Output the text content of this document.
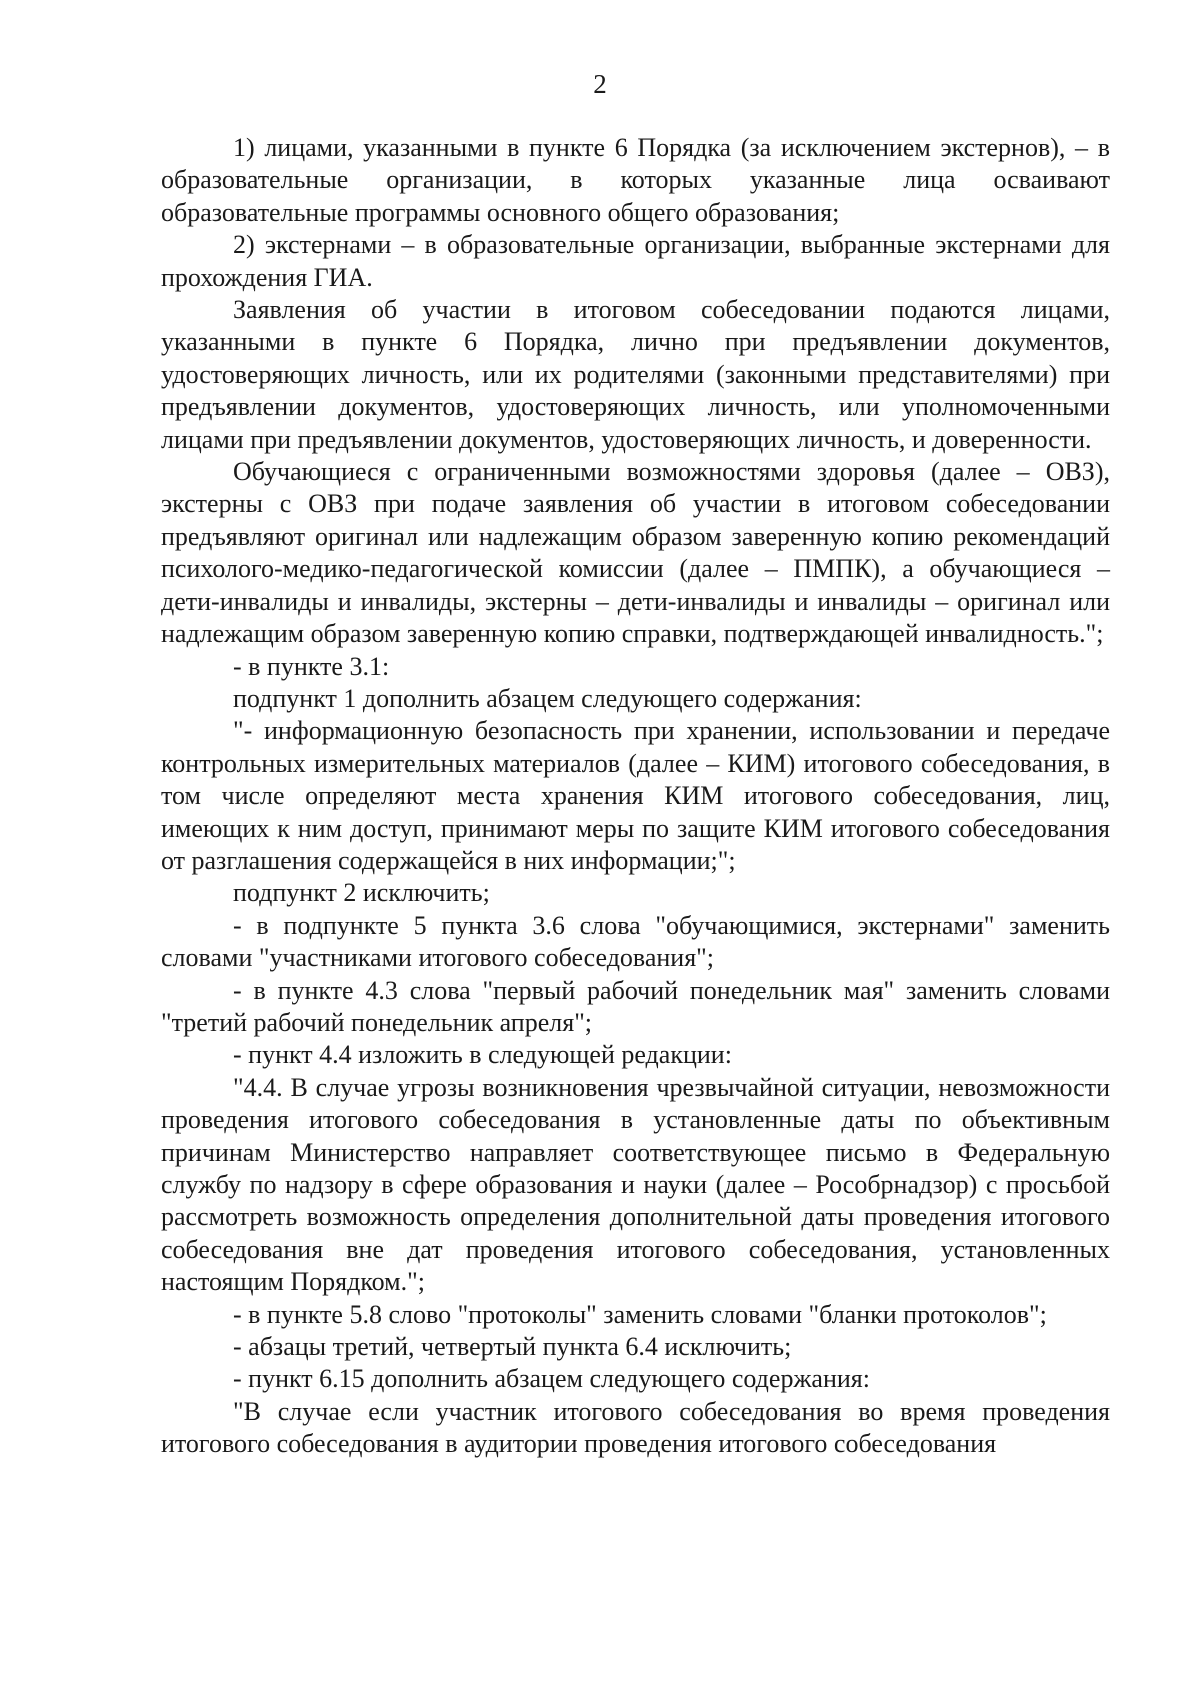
2

1) лицами, указанными в пункте 6 Порядка (за исключением экстернов), – в образовательные организации, в которых указанные лица осваивают образовательные программы основного общего образования;

2) экстернами – в образовательные организации, выбранные экстернами для прохождения ГИА.

Заявления об участии в итоговом собеседовании подаются лицами, указанными в пункте 6 Порядка, лично при предъявлении документов, удостоверяющих личность, или их родителями (законными представителями) при предъявлении документов, удостоверяющих личность, или уполномоченными лицами при предъявлении документов, удостоверяющих личность, и доверенности.

Обучающиеся с ограниченными возможностями здоровья (далее – ОВЗ), экстерны с ОВЗ при подаче заявления об участии в итоговом собеседовании предъявляют оригинал или надлежащим образом заверенную копию рекомендаций психолого-медико-педагогической комиссии (далее – ПМПК), а обучающиеся – дети-инвалиды и инвалиды, экстерны – дети-инвалиды и инвалиды – оригинал или надлежащим образом заверенную копию справки, подтверждающей инвалидность.";

- в пункте 3.1:

подпункт 1 дополнить абзацем следующего содержания:

"- информационную безопасность при хранении, использовании и передаче контрольных измерительных материалов (далее – КИМ) итогового собеседования, в том числе определяют места хранения КИМ итогового собеседования, лиц, имеющих к ним доступ, принимают меры по защите КИМ итогового собеседования от разглашения содержащейся в них информации;";

подпункт 2 исключить;

- в подпункте 5 пункта 3.6 слова "обучающимися, экстернами" заменить словами "участниками итогового собеседования";

- в пункте 4.3 слова "первый рабочий понедельник мая" заменить словами "третий рабочий понедельник апреля";

- пункт 4.4 изложить в следующей редакции:

"4.4. В случае угрозы возникновения чрезвычайной ситуации, невозможности проведения итогового собеседования в установленные даты по объективным причинам Министерство направляет соответствующее письмо в Федеральную службу по надзору в сфере образования и науки (далее – Рособрнадзор) с просьбой рассмотреть возможность определения дополнительной даты проведения итогового собеседования вне дат проведения итогового собеседования, установленных настоящим Порядком.";

- в пункте 5.8 слово "протоколы" заменить словами "бланки протоколов";

- абзацы третий, четвертый пункта 6.4 исключить;

- пункт 6.15 дополнить абзацем следующего содержания:

"В случае если участник итогового собеседования во время проведения итогового собеседования в аудитории проведения итогового собеседования
